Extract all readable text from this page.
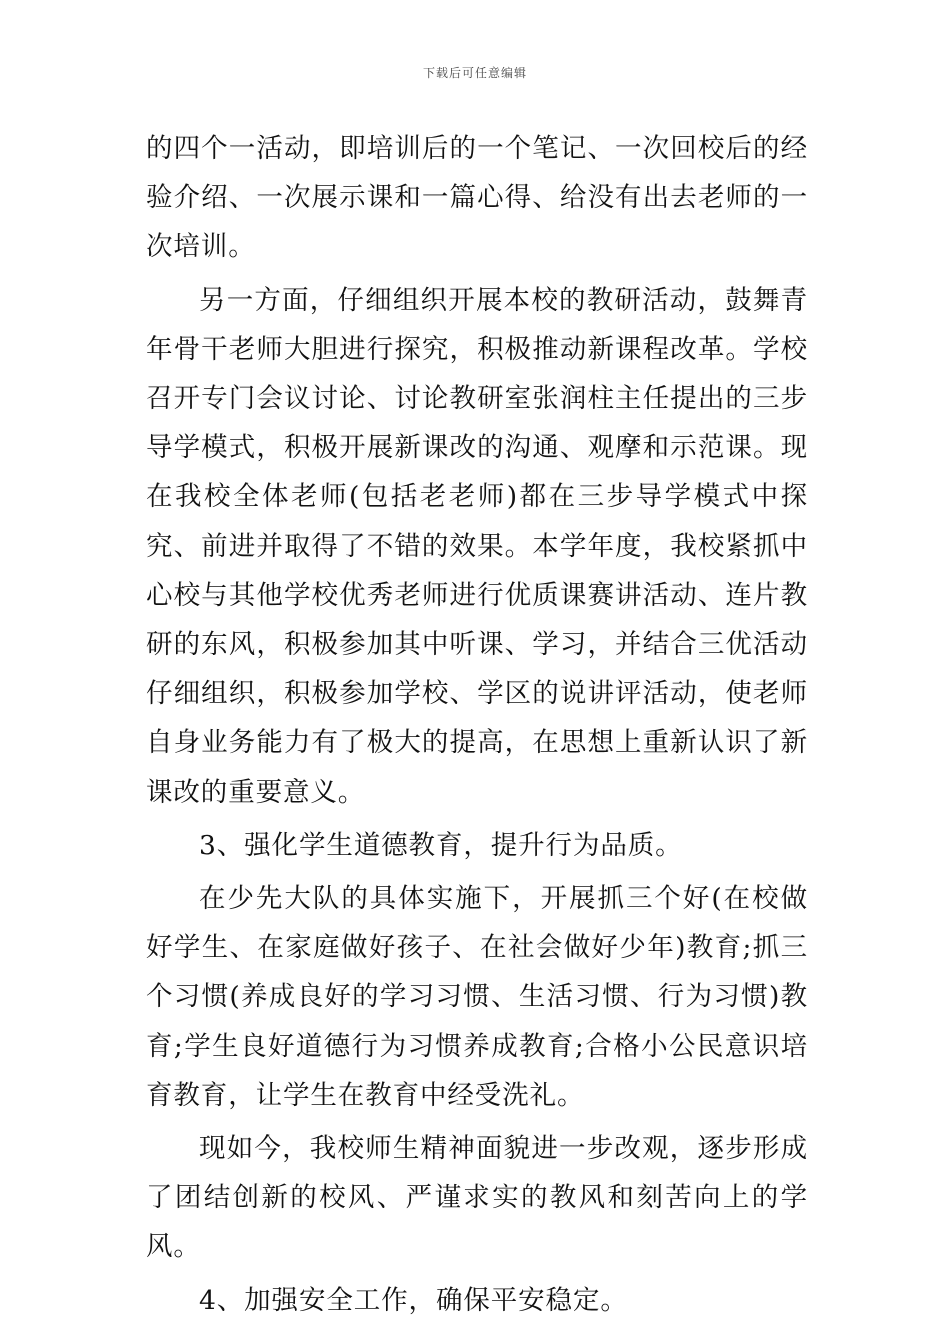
下载后可任意编辑

的四个一活动，即培训后的一个笔记、一次回校后的经验介绍、一次展示课和一篇心得、给没有出去老师的一次培训。

另一方面，仔细组织开展本校的教研活动，鼓舞青年骨干老师大胆进行探究，积极推动新课程改革。学校召开专门会议讨论、讨论教研室张润柱主任提出的三步导学模式，积极开展新课改的沟通、观摩和示范课。现在我校全体老师(包括老老师)都在三步导学模式中探究、前进并取得了不错的效果。本学年度，我校紧抓中心校与其他学校优秀老师进行优质课赛讲活动、连片教研的东风，积极参加其中听课、学习，并结合三优活动仔细组织，积极参加学校、学区的说讲评活动，使老师自身业务能力有了极大的提高，在思想上重新认识了新课改的重要意义。

3、强化学生道德教育，提升行为品质。

在少先大队的具体实施下，开展抓三个好(在校做好学生、在家庭做好孩子、在社会做好少年)教育;抓三个习惯(养成良好的学习习惯、生活习惯、行为习惯)教育;学生良好道德行为习惯养成教育;合格小公民意识培育教育，让学生在教育中经受洗礼。

现如今，我校师生精神面貌进一步改观，逐步形成了团结创新的校风、严谨求实的教风和刻苦向上的学风。

4、加强安全工作，确保平安稳定。
